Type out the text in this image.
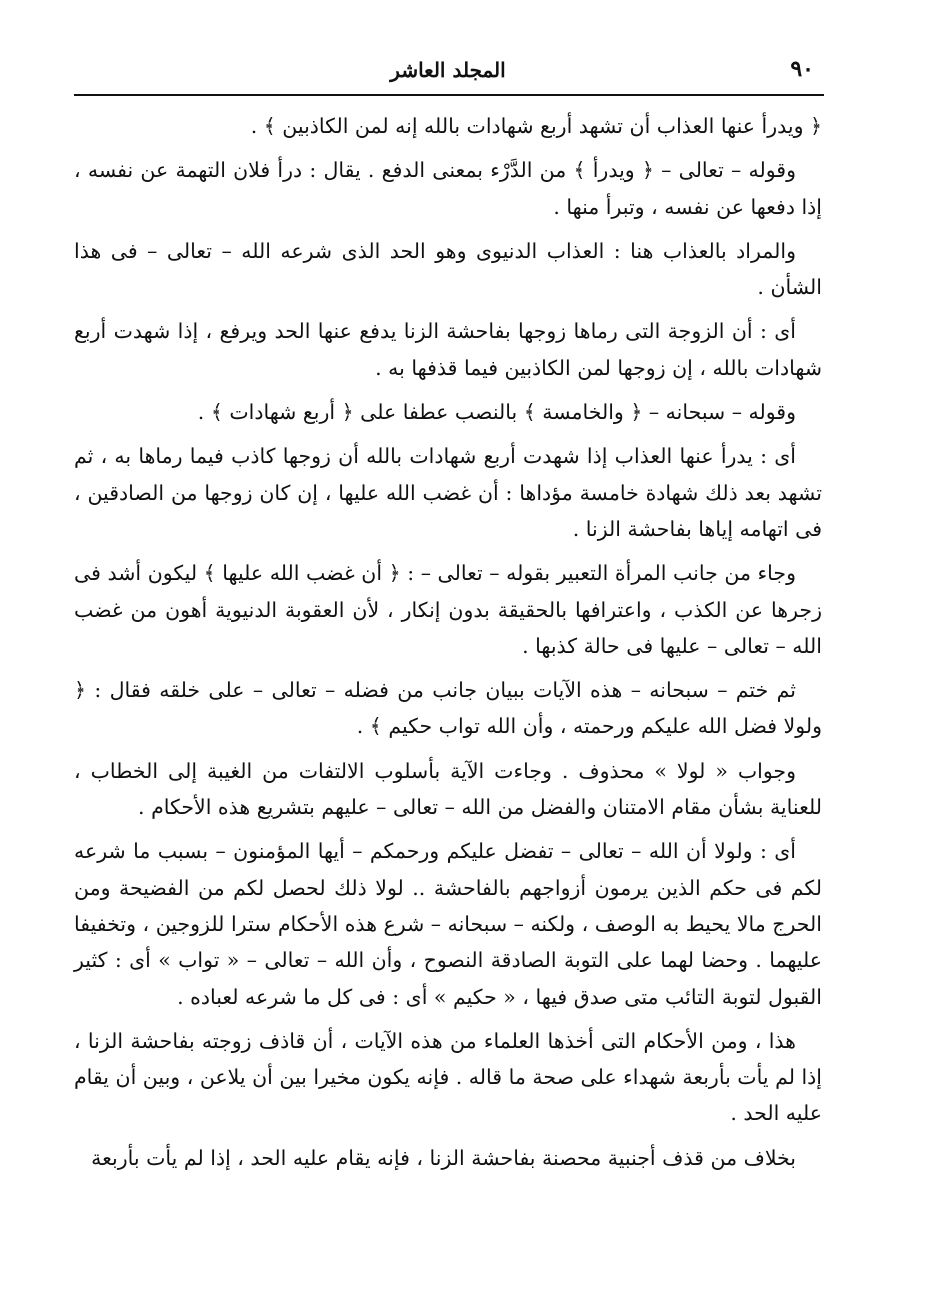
٩٠
المجلد العاشر

﴿ ويدرأ عنها العذاب أن تشهد أربع شهادات بالله إنه لمن الكاذبين ﴾ .

وقوله – تعالى – ﴿ ويدرأ ﴾ من الدَّرْء بمعنى الدفع . يقال : درأ فلان التهمة عن نفسه ، إذا دفعها عن نفسه ، وتبرأ منها .

والمراد بالعذاب هنا : العذاب الدنيوى وهو الحد الذى شرعه الله – تعالى – فى هذا الشأن .

أى : أن الزوجة التى رماها زوجها بفاحشة الزنا يدفع عنها الحد ويرفع ، إذا شهدت أربع شهادات بالله ، إن زوجها لمن الكاذبين فيما قذفها به .

وقوله – سبحانه – ﴿ والخامسة ﴾ بالنصب عطفا على ﴿ أربع شهادات ﴾ .

أى : يدرأ عنها العذاب إذا شهدت أربع شهادات بالله أن زوجها كاذب فيما رماها به ، ثم تشهد بعد ذلك شهادة خامسة مؤداها : أن غضب الله عليها ، إن كان زوجها من الصادقين ، فى اتهامه إياها بفاحشة الزنا .

وجاء من جانب المرأة التعبير بقوله – تعالى – : ﴿ أن غضب الله عليها ﴾ ليكون أشد فى زجرها عن الكذب ، واعترافها بالحقيقة بدون إنكار ، لأن العقوبة الدنيوية أهون من غضب الله – تعالى – عليها فى حالة كذبها .

ثم ختم – سبحانه – هذه الآيات ببيان جانب من فضله – تعالى – على خلقه فقال : ﴿ ولولا فضل الله عليكم ورحمته ، وأن الله تواب حكيم ﴾ .

وجواب « لولا » محذوف . وجاءت الآية بأسلوب الالتفات من الغيبة إلى الخطاب ، للعناية بشأن مقام الامتنان والفضل من الله – تعالى – عليهم بتشريع هذه الأحكام .

أى : ولولا أن الله – تعالى – تفضل عليكم ورحمكم – أيها المؤمنون – بسبب ما شرعه لكم فى حكم الذين يرمون أزواجهم بالفاحشة .. لولا ذلك لحصل لكم من الفضيحة ومن الحرج مالا يحيط به الوصف ، ولكنه – سبحانه – شرع هذه الأحكام سترا للزوجين ، وتخفيفا عليهما . وحضا لهما على التوبة الصادقة النصوح ، وأن الله – تعالى – « تواب » أى : كثير القبول لتوبة التائب متى صدق فيها ، « حكيم » أى : فى كل ما شرعه لعباده .

هذا ، ومن الأحكام التى أخذها العلماء من هذه الآيات ، أن قاذف زوجته بفاحشة الزنا ، إذا لم يأت بأربعة شهداء على صحة ما قاله . فإنه يكون مخيرا بين أن يلاعن ، وبين أن يقام عليه الحد .

بخلاف من قذف أجنبية محصنة بفاحشة الزنا ، فإنه يقام عليه الحد ، إذا لم يأت بأربعة
